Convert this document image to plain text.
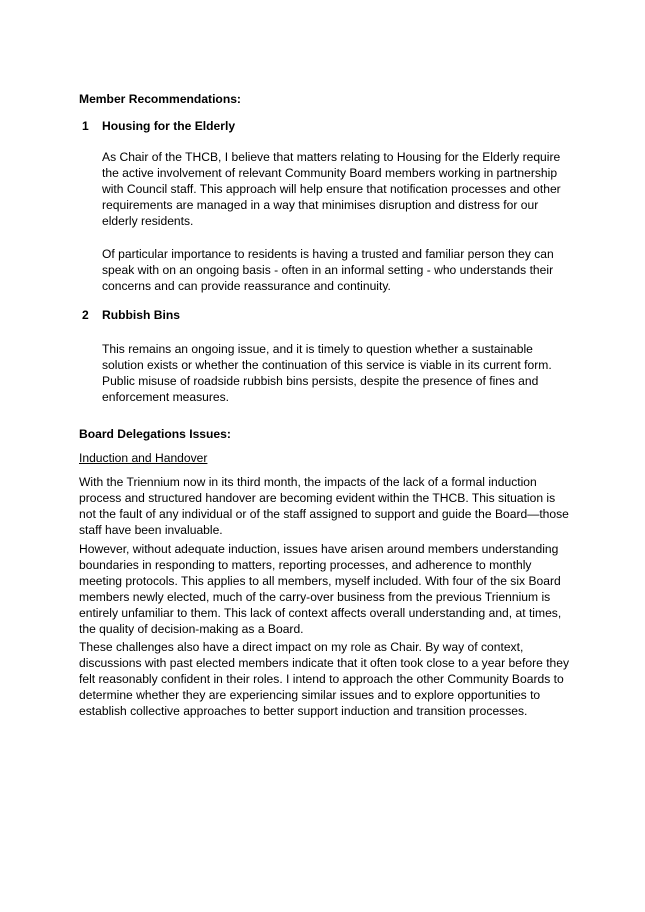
Member Recommendations:
1 Housing for the Elderly
As Chair of the THCB, I believe that matters relating to Housing for the Elderly require
the active involvement of relevant Community Board members working in partnership
with Council staff. This approach will help ensure that notification processes and other
requirements are managed in a way that minimises disruption and distress for our
elderly residents.
Of particular importance to residents is having a trusted and familiar person they can
speak with on an ongoing basis - often in an informal setting - who understands their
concerns and can provide reassurance and continuity.
2 Rubbish Bins
This remains an ongoing issue, and it is timely to question whether a sustainable
solution exists or whether the continuation of this service is viable in its current form.
Public misuse of roadside rubbish bins persists, despite the presence of fines and
enforcement measures.
Board Delegations Issues:
Induction and Handover
With the Triennium now in its third month, the impacts of the lack of a formal induction
process and structured handover are becoming evident within the THCB. This situation is
not the fault of any individual or of the staff assigned to support and guide the Board—those
staff have been invaluable.
However, without adequate induction, issues have arisen around members understanding
boundaries in responding to matters, reporting processes, and adherence to monthly
meeting protocols. This applies to all members, myself included. With four of the six Board
members newly elected, much of the carry-over business from the previous Triennium is
entirely unfamiliar to them. This lack of context affects overall understanding and, at times,
the quality of decision-making as a Board.
These challenges also have a direct impact on my role as Chair. By way of context,
discussions with past elected members indicate that it often took close to a year before they
felt reasonably confident in their roles. I intend to approach the other Community Boards to
determine whether they are experiencing similar issues and to explore opportunities to
establish collective approaches to better support induction and transition processes.
